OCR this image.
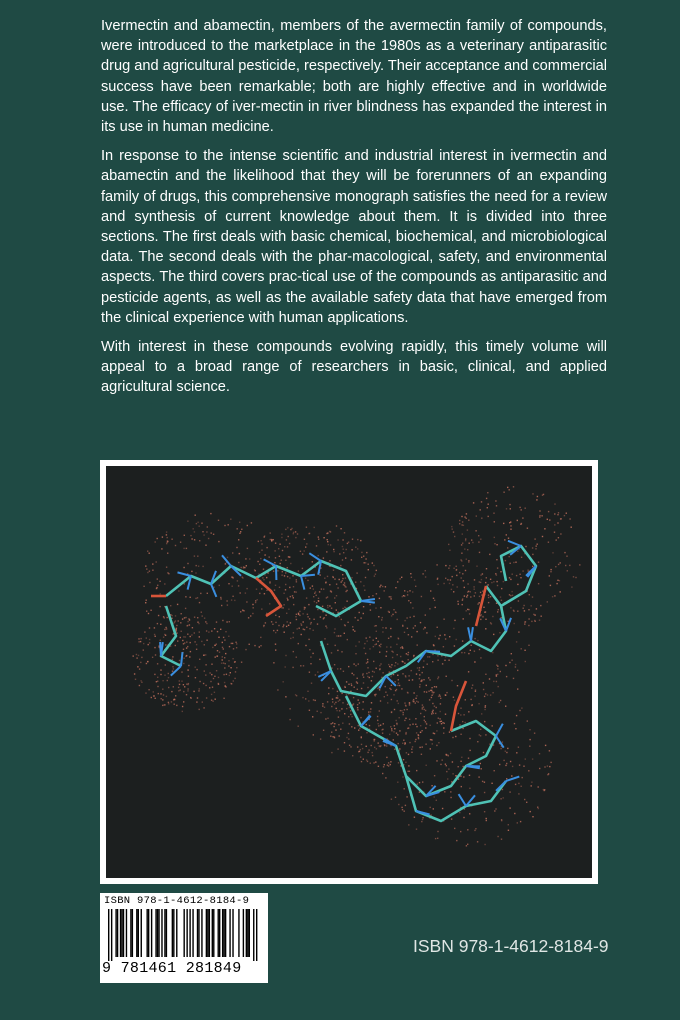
Ivermectin and abamectin, members of the avermectin family of compounds, were introduced to the marketplace in the 1980s as a veterinary antiparasitic drug and agricultural pesticide, respectively. Their acceptance and commercial success have been remarkable; both are highly effective and in worldwide use. The efficacy of iver-mectin in river blindness has expanded the interest in its use in human medicine.

In response to the intense scientific and industrial interest in ivermectin and abamectin and the likelihood that they will be forerunners of an expanding family of drugs, this comprehensive monograph satisfies the need for a review and synthesis of current knowledge about them. It is divided into three sections. The first deals with basic chemical, biochemical, and microbiological data. The second deals with the phar-macological, safety, and environmental aspects. The third covers prac-tical use of the compounds as antiparasitic and pesticide agents, as well as the available safety data that have emerged from the clinical experience with human applications.

With interest in these compounds evolving rapidly, this timely volume will appeal to a broad range of researchers in basic, clinical, and applied agricultural science.

ISBN 978-1-4612-8184-9
9 781461 281849
ISBN 978-1-4612-8184-9
